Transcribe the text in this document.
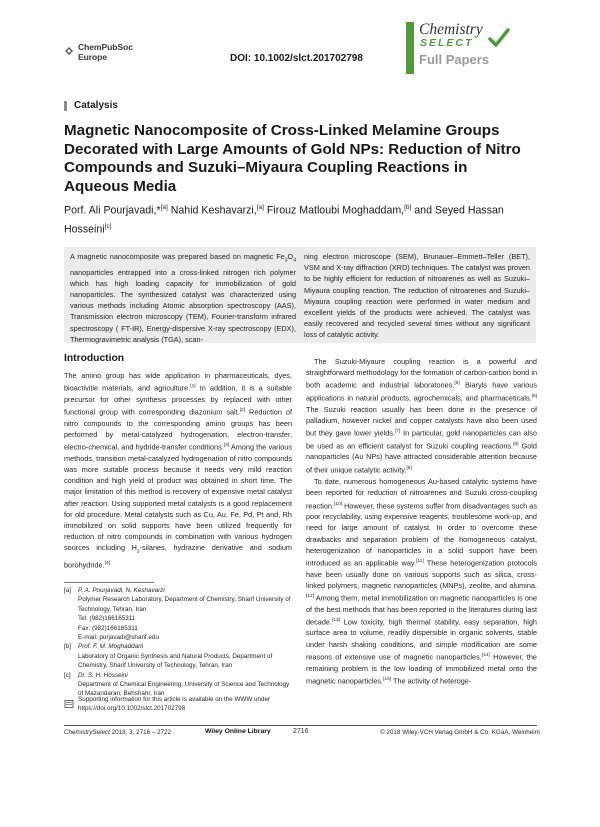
ChemPubSoc
Europe	DOI: 10.1002/slct.201702798
Chemistry
SELECT
Full Papers
Catalysis
Magnetic Nanocomposite of Cross-Linked Melamine Groups Decorated with Large Amounts of Gold NPs: Reduction of Nitro Compounds and Suzuki–Miyaura Coupling Reactions in Aqueous Media
Porf. Ali Pourjavadi,*[a] Nahid Keshavarzi,[a] Firouz Matloubi Moghaddam,[b] and Seyed Hassan Hosseini[c]
A magnetic nanocomposite was prepared based on magnetic $Fe_3O_4$ nanoparticles entrapped into a cross-linked nitrogen rich polymer which has high loading capacity for immobilization of gold nanoparticles. The synthesized catalyst was characterized using various methods including Atomic absorption spectroscopy (AAS), Transmission electron microscopy (TEM), Fourier-transform infrared spectroscopy ( FT-IR), Energy-dispersive X-ray spectroscopy (EDX), Thermogravimetric analysis (TGA), scan-
ning electron microscope (SEM), Brunauer–Emmett–Teller (BET), VSM and X-ray diffraction (XRD) techniques. The catalyst was proven to be highly efficient for reduction of nitroarenes as well as Suzuki–Miyaura coupling reaction. The reduction of nitroarenes and Suzuki–Miyaura coupling reaction were performed in water medium and excellent yields of the products were achieved. The catalyst was easily recovered and recycled several times without any significant loss of catalytic activity.
Introduction

The amino group has wide application in pharmaceuticals, dyes, bioactivitie materials, and agriculture.[1] In addition, it is a suitable precursor for other synthesis processes by replaced with other functional group with corresponding diazonium salt.[2] Reduction of nitro compounds to the corresponding amino groups has been performed by metal-catalyzed hydrogenation, electron-transfer, electro-chemical, and hydride-transfer conditions.[3] Among the various methods, transition metal-catalyzed hydrogenation of nitro compounds was more suitable process because it needs very mild reaction condition and high yield of product was obtained in short time. The major limitation of this method is recovery of expensive metal catalyst after reaction. Using supported metal catalysts is a good replacement for old procedure. Metal catalysts such as Cu, Au, Fe, Pd, Pt and, Rh immobilized on solid supports have been utilized frequently for reduction of nitro compounds in combination with various hydrogen sources including $H_2$-silanes, hydrazine derivative and sodium borohydride.[4]

The Suzuki-Miyaure coupling reaction is a powerful and straightforward methodology for the formation of carbon-carbon bond in both academic and industrial laboratories.[5] Biaryls have various applications in natural products, agrochemicals, and pharmaceticals.[6] The Suzuki reaction usually has been done in the presence of palladium, however nickel and copper catalysts have also been used but they gave lower yields.[7] In particular, gold nanoparticles can also be used as an efficient catalyst for Suzuki coupling reactions.[8] Gold nanoparticles (Au NPs) have attracted considerable attention because of their unique catalytic activity.[9]

To date, numerous homogeneous Au-based catalytic systems have been reported for reduction of nitroarenes and Suzuki cross-coupling reaction.[10] However, these systems suffer from disadvantages such as poor recyclability, using expensive reagents, troublesome work-up, and need for large amount of catalyst. In order to overcome these drawbacks and separation problem of the homogeneous catalyst, heterogenization of nanoparticles in a solid support have been introduced as an applicable way.[11] These heterogenization protocols have been usually done on various supports such as silica, cross-linked polymers, magnetic nanoparticles (MNPs), zeolite, and alumina.[12] Among them, metal immobilization on magnetic nanoparticles is one of the best methods that has been reported in the literatures during last decade.[13] Low toxicity, high thermal stability, easy separation, high surface area to volume, readily dispersible in organic solvents, stable under harsh shaking conditions, and simple modification are some reasons of extensive use of magnetic nanoparticles.[14] However, the remaining problem is the low loading of immobilized metal onto the magnetic nanoparticles.[15] The activity of heteroge-

[a]	P. A. Pourjavadi, N. Keshavarzi
Polymer Research Laboratory, Department of Chemistry, Sharif University of Technology, Tehran, Iran
Tel: (982)166165311
Fax: (982)166165311
E-mail: purjavadi@sharif.edu
[b]	Prof. F. M. Moghaddam
Laboratory of Organic Synthesis and Natural Products, Department of Chemistry, Sharif University of Technology, Tehran, Iran
[c]	Dr. S. H. Hosseini
Department of Chemical Engineering, University of Science and Technology of Mazandaran, Behshahr, Iran
Supporting information for this article is available on the WWW under https://doi.org/10.1002/slct.201702798
ChemistrySelect 2018, 3, 2716 – 2722	Wiley Online Library	2716	© 2018 Wiley-VCH Verlag GmbH & Co. KGaA, Weinheim
